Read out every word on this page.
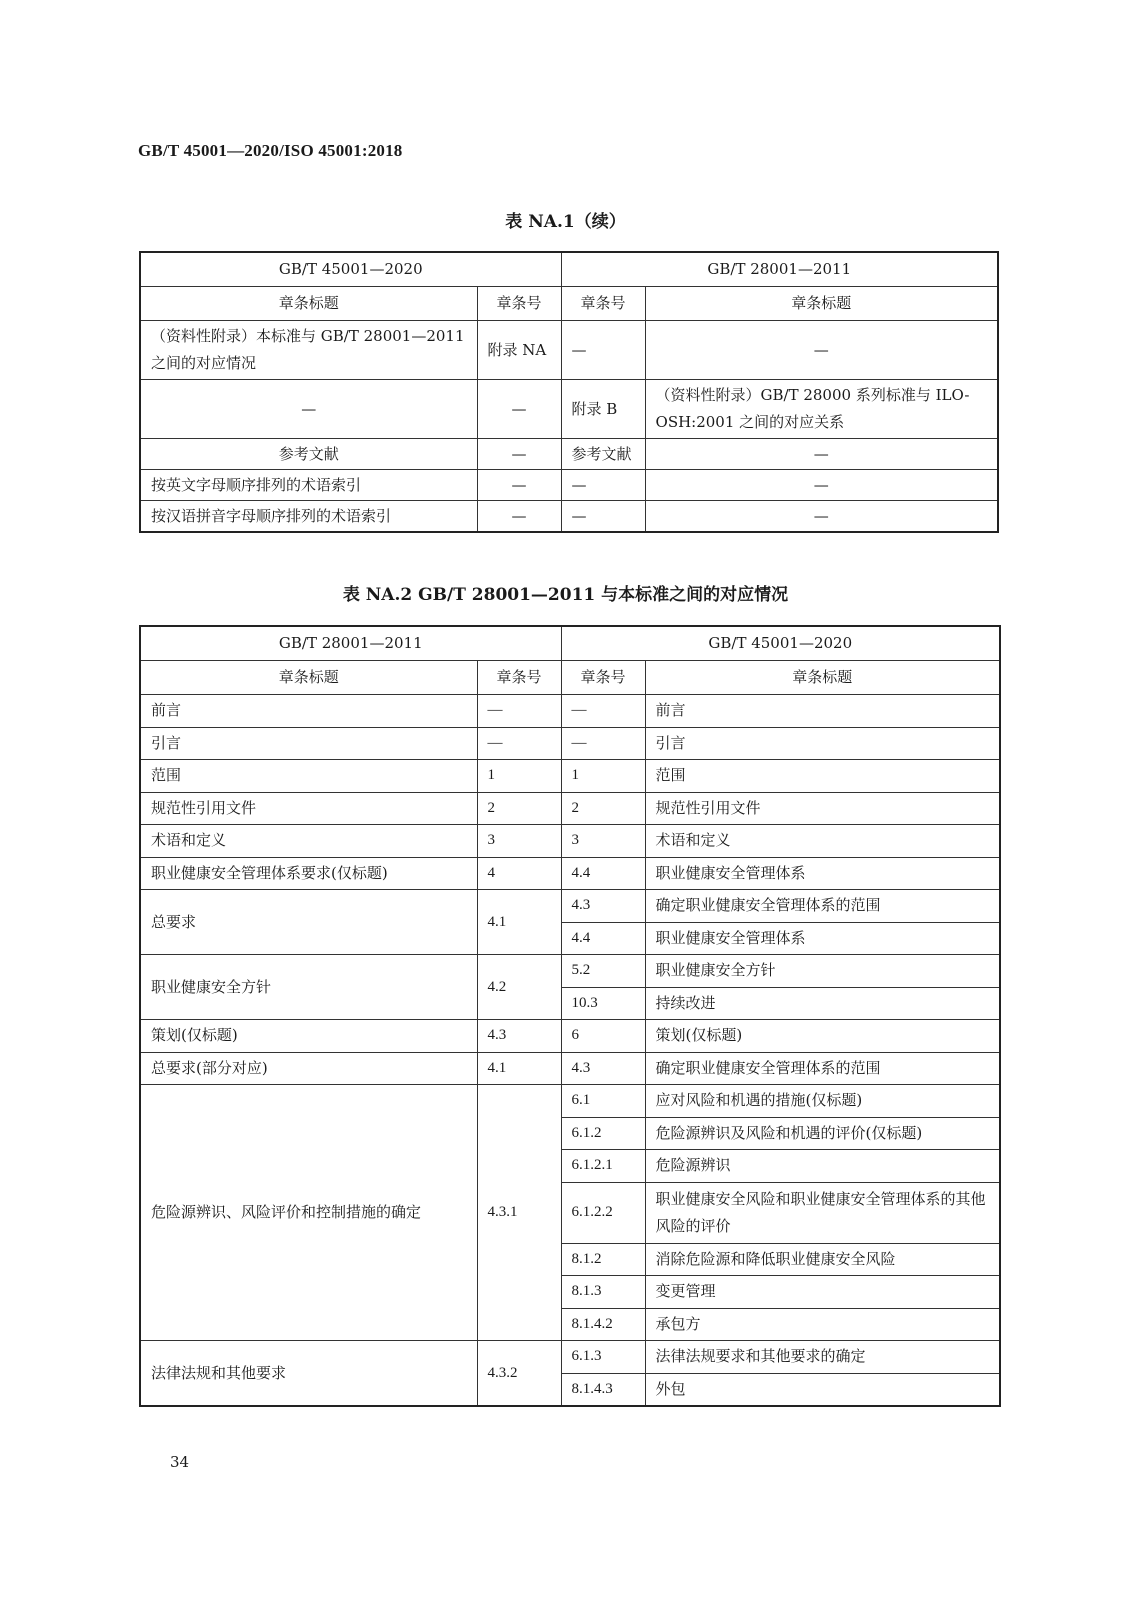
GB/T 45001—2020/ISO 45001:2018
表 NA.1（续）
GB/T 45001—2020		GB/T 28001—2011	
章条标题	章条号	章条号	章条标题
（资料性附录）本标准与 GB/T 28001—2011 之间的对应情况	附录 NA	—	—
—	—	附录 B	（资料性附录）GB/T 28000 系列标准与 ILO-OSH:2001 之间的对应关系
参考文献	—	参考文献	—
按英文字母顺序排列的术语索引	—	—	—
按汉语拼音字母顺序排列的术语索引	—	—	—
表 NA.2 GB/T 28001—2011 与本标准之间的对应情况
GB/T 28001—2011		GB/T 45001—2020	
章条标题	章条号	章条号	章条标题
前言	—	—	前言
引言	—	—	引言
范围	1	1	范围
规范性引用文件	2	2	规范性引用文件
术语和定义	3	3	术语和定义
职业健康安全管理体系要求(仅标题)	4	4.4	职业健康安全管理体系
总要求	4.1	4.3	确定职业健康安全管理体系的范围
		4.4	职业健康安全管理体系
职业健康安全方针	4.2	5.2	职业健康安全方针
		10.3	持续改进
策划(仅标题)	4.3	6	策划(仅标题)
总要求(部分对应)	4.1	4.3	确定职业健康安全管理体系的范围
危险源辨识、风险评价和控制措施的确定	4.3.1	6.1	应对风险和机遇的措施(仅标题)
		6.1.2	危险源辨识及风险和机遇的评价(仅标题)
		6.1.2.1	危险源辨识
		6.1.2.2	职业健康安全风险和职业健康安全管理体系的其他风险的评价
		8.1.2	消除危险源和降低职业健康安全风险
		8.1.3	变更管理
		8.1.4.2	承包方
法律法规和其他要求	4.3.2	6.1.3	法律法规要求和其他要求的确定
		8.1.4.3	外包
34
